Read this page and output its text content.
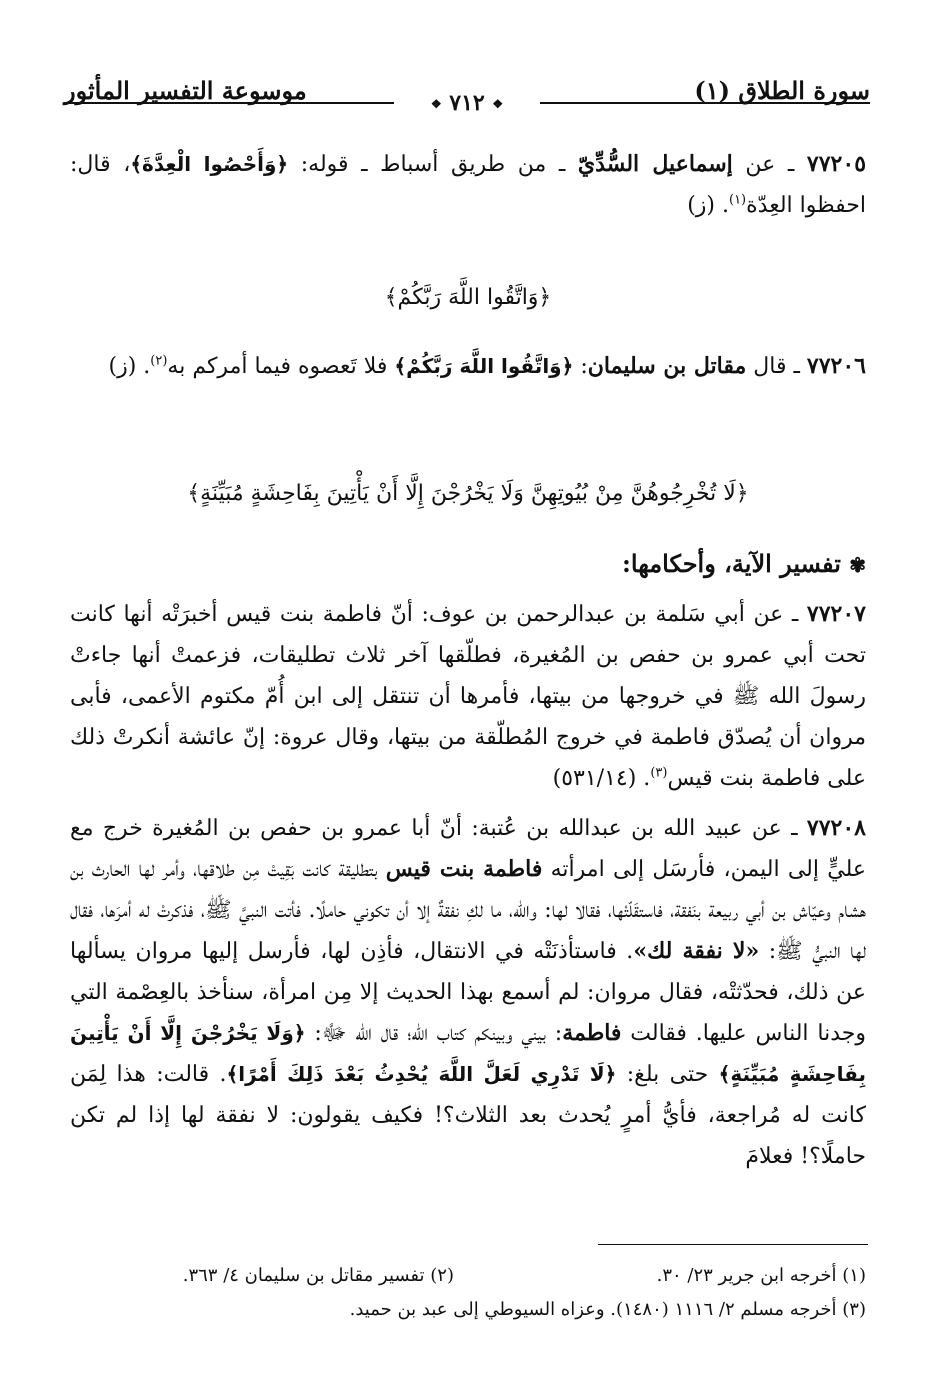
سورة الطلاق (١)
موسوعة التفسير المأثور	❖ ٧١٢ ❖

٧٧٢٠٥ ـ عن إسماعيل السُّدِّيّ ـ من طريق أسباط ـ قوله: ﴿وَأَحْصُوا الْعِدَّةَ﴾، قال: احفظوا العِدّة$^{(١)}$. (ز)

﴿وَاتَّقُوا اللَّهَ رَبَّكُمْ﴾

٧٧٢٠٦ ـ قال مقاتل بن سليمان: ﴿وَاتَّقُوا اللَّهَ رَبَّكُمْ﴾ فلا تَعصوه فيما أمركم به$^{(٢)}$. (ز)

﴿لَا تُخْرِجُوهُنَّ مِنْ بُيُوتِهِنَّ وَلَا يَخْرُجْنَ إِلَّا أَنْ يَأْتِينَ بِفَاحِشَةٍ مُبَيِّنَةٍ﴾
✾ تفسير الآية، وأحكامها:

٧٧٢٠٧ ـ عن أبي سَلمة بن عبدالرحمن بن عوف: أنّ فاطمة بنت قيس أخبرَتْه أنها كانت تحت أبي عمرو بن حفص بن المُغيرة، فطلّقها آخر ثلاث تطليقات، فزعمتْ أنها جاءتْ رسولَ الله ﷺ في خروجها من بيتها، فأمرها أن تنتقل إلى ابن أُمّ مكتوم الأعمى، فأبى مروان أن يُصدّق فاطمة في خروج المُطلّقة من بيتها، وقال عروة: إنّ عائشة أنكرتْ ذلك على فاطمة بنت قيس$^{(٣)}$. (٥٣١/١٤)

٧٧٢٠٨ ـ عن عبيد الله بن عبدالله بن عُتبة: أنّ أبا عمرو بن حفص بن المُغيرة خرج مع عليٍّ إلى اليمن، فأرسَل إلى امرأته فاطمة بنت قيس بتطليقة كانت بَقِيتْ مِن طلاقها، وأمر لها الحارث بن هشام وعيّاش بن أبي ربيعة بنَفقة، فاستقَلّتْها، فقالا لها: والله، ما لكِ نفقةٌ إلا أن تكوني حاملًا. فأتت النبيَّ ﷺ، فذكرتْ له أمرَها، فقال لها النبيُّ ﷺ: «لا نفقة لك». فاستأذنَتْه في الانتقال، فأذِن لها، فأرسل إليها مروان يسألها عن ذلك، فحدّثتْه، فقال مروان: لم أسمع بهذا الحديث إلا مِن امرأة، سنأخذ بالعِصْمة التي وجدنا الناس عليها. فقالت فاطمة: بيني وبينكم كتاب الله؛ قال الله ﷻ: ﴿وَلَا يَخْرُجْنَ إِلَّا أَنْ يَأْتِينَ بِفَاحِشَةٍ مُبَيِّنَةٍ﴾ حتى بلغ: ﴿لَا تَدْرِي لَعَلَّ اللَّهَ يُحْدِثُ بَعْدَ ذَلِكَ أَمْرًا﴾. قالت: هذا لِمَن كانت له مُراجعة، فأيُّ أمرٍ يُحدث بعد الثلاث؟! فكيف يقولون: لا نفقة لها إذا لم تكن حاملًا؟! فعلامَ

(١) أخرجه ابن جرير ٢٣/ ٣٠.
(٢) تفسير مقاتل بن سليمان ٤/ ٣٦٣.
(٣) أخرجه مسلم ٢/ ١١١٦ (١٤٨٠). وعزاه السيوطي إلى عبد بن حميد.
